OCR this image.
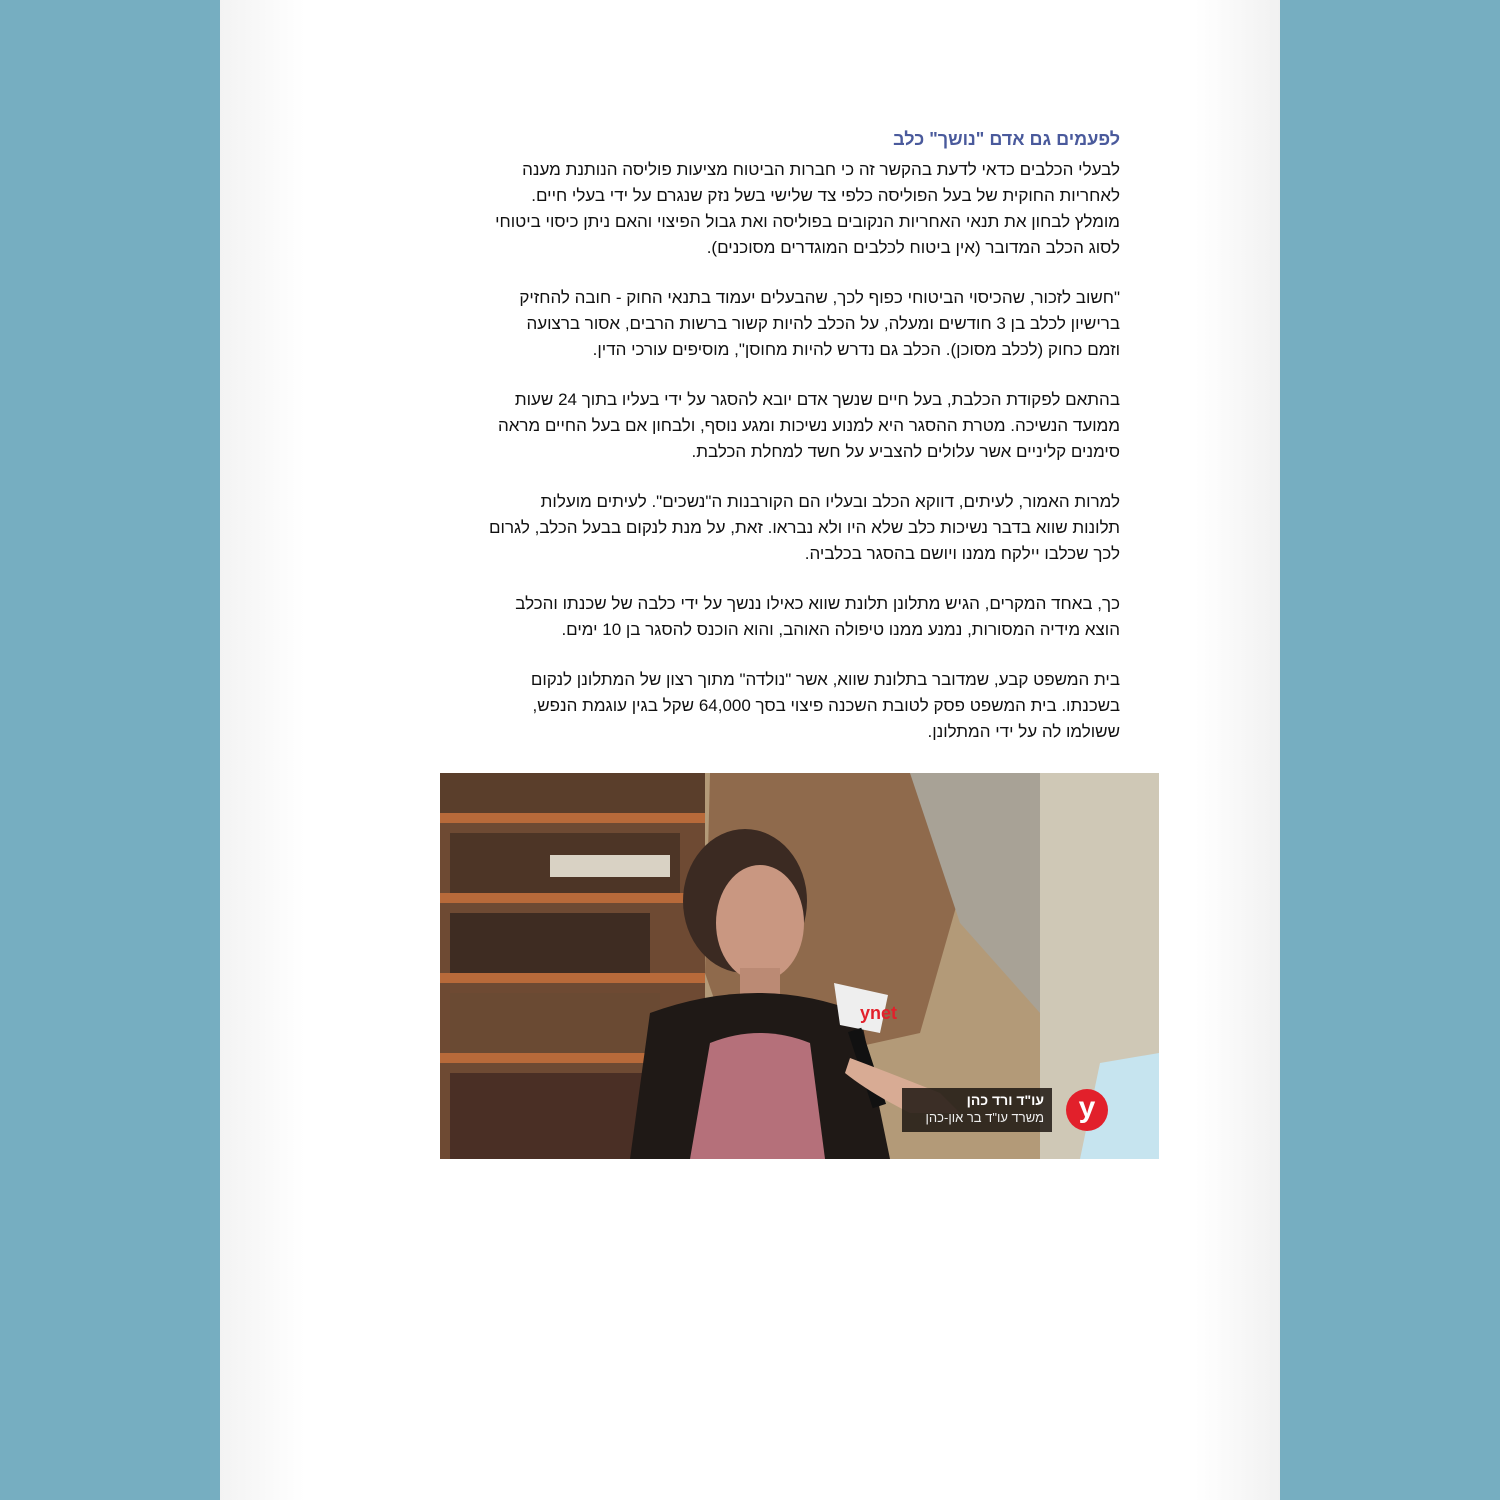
לפעמים גם אדם "נושך" כלב

לבעלי הכלבים כדאי לדעת בהקשר זה כי חברות הביטוח מציעות פוליסה הנותנת מענה
לאחריות החוקית של בעל הפוליסה כלפי צד שלישי בשל נזק שנגרם על ידי בעלי חיים.
מומלץ לבחון את תנאי האחריות הנקובים בפוליסה ואת גבול הפיצוי והאם ניתן כיסוי ביטוחי
לסוג הכלב המדובר (אין ביטוח לכלבים המוגדרים מסוכנים).

"חשוב לזכור, שהכיסוי הביטוחי כפוף לכך, שהבעלים יעמוד בתנאי החוק - חובה להחזיק
ברישיון לכלב בן 3 חודשים ומעלה, על הכלב להיות קשור ברשות הרבים, אסור ברצועה
וזמם כחוק (לכלב מסוכן). הכלב גם נדרש להיות מחוסן", מוסיפים עורכי הדין.

בהתאם לפקודת הכלבת, בעל חיים שנשך אדם יובא להסגר על ידי בעליו בתוך 24 שעות
ממועד הנשיכה. מטרת ההסגר היא למנוע נשיכות ומגע נוסף, ולבחון אם בעל החיים מראה
סימנים קליניים אשר עלולים להצביע על חשד למחלת הכלבת.

למרות האמור, לעיתים, דווקא הכלב ובעליו הם הקורבנות ה"נשכים". לעיתים מועלות
תלונות שווא בדבר נשיכות כלב שלא היו ולא נבראו. זאת, על מנת לנקום בבעל הכלב, לגרום
לכך שכלבו יילקח ממנו ויושם בהסגר בכלביה.

כך, באחד המקרים, הגיש מתלונן תלונת שווא כאילו ננשך על ידי כלבה של שכנתו והכלב
הוצא מידיה המסורות, נמנע ממנו טיפולה האוהב, והוא הוכנס להסגר בן 10 ימים.

בית המשפט קבע, שמדובר בתלונת שווא, אשר "נולדה" מתוך רצון של המתלונן לנקום
בשכנתו. בית המשפט פסק לטובת השכנה פיצוי בסך 64,000 שקל בגין עוגמת הנפש,
ששולמו לה על ידי המתלונן.

ynet
y
עו"ד ורד כהן
משרד עו"ד בר און-כהן
